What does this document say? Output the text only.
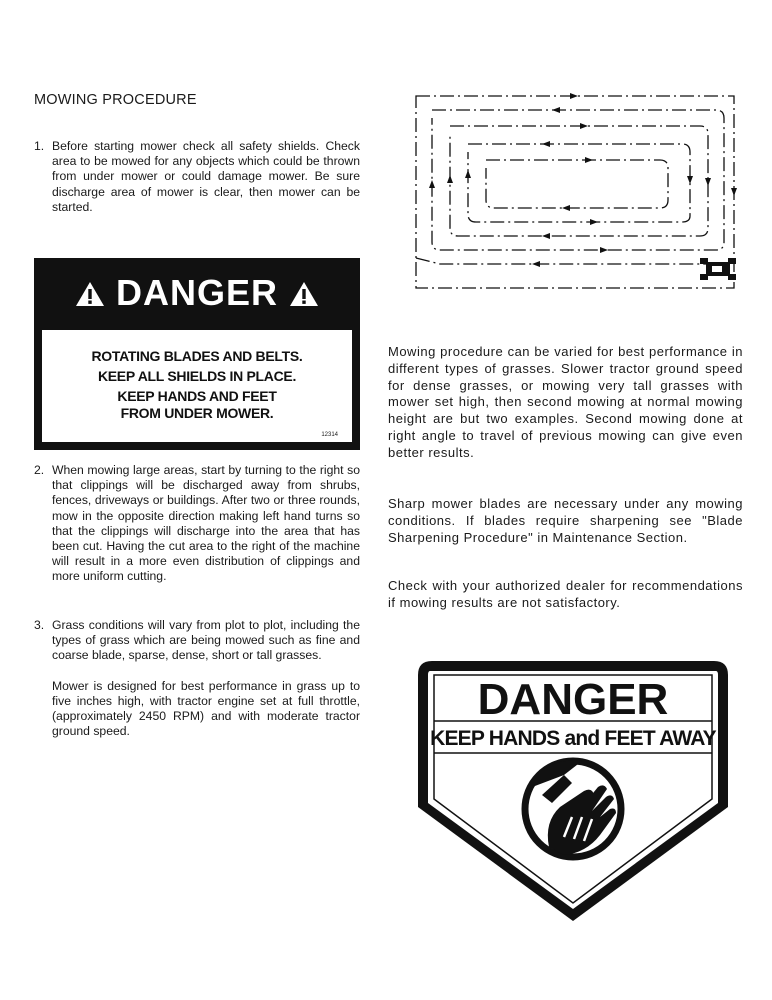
MOWING PROCEDURE
1. Before starting mower check all safety shields. Check area to be mowed for any objects which could be thrown from under mower or could damage mower. Be sure discharge area of mower is clear, then mower can be started.

DANGER
ROTATING BLADES AND BELTS.
KEEP ALL SHIELDS IN PLACE.
KEEP HANDS AND FEET
FROM UNDER MOWER.
12314
2. When mowing large areas, start by turning to the right so that clippings will be discharged away from shrubs, fences, driveways or buildings. After two or three rounds, mow in the opposite direction making left hand turns so that the clippings will discharge into the area that has been cut. Having the cut area to the right of the machine will result in a more even distribution of clippings and more uniform cutting.

3. Grass conditions will vary from plot to plot, including the types of grass which are being mowed such as fine and coarse blade, sparse, dense, short or tall grasses.

Mower is designed for best performance in grass up to five inches high, with tractor engine set at full throttle, (approximately 2450 RPM) and with moderate tractor ground speed.

Mowing procedure can be varied for best performance in different types of grasses. Slower tractor ground speed for dense grasses, or mowing very tall grasses with mower set high, then second mowing at normal mowing height are but two examples. Second mowing done at right angle to travel of previous mowing can give even better results.

Sharp mower blades are necessary under any mowing conditions. If blades require sharpening see "Blade Sharpening Procedure" in Maintenance Section.

Check with your authorized dealer for recommendations if mowing results are not satisfactory.

DANGER
KEEP HANDS and FEET AWAY
